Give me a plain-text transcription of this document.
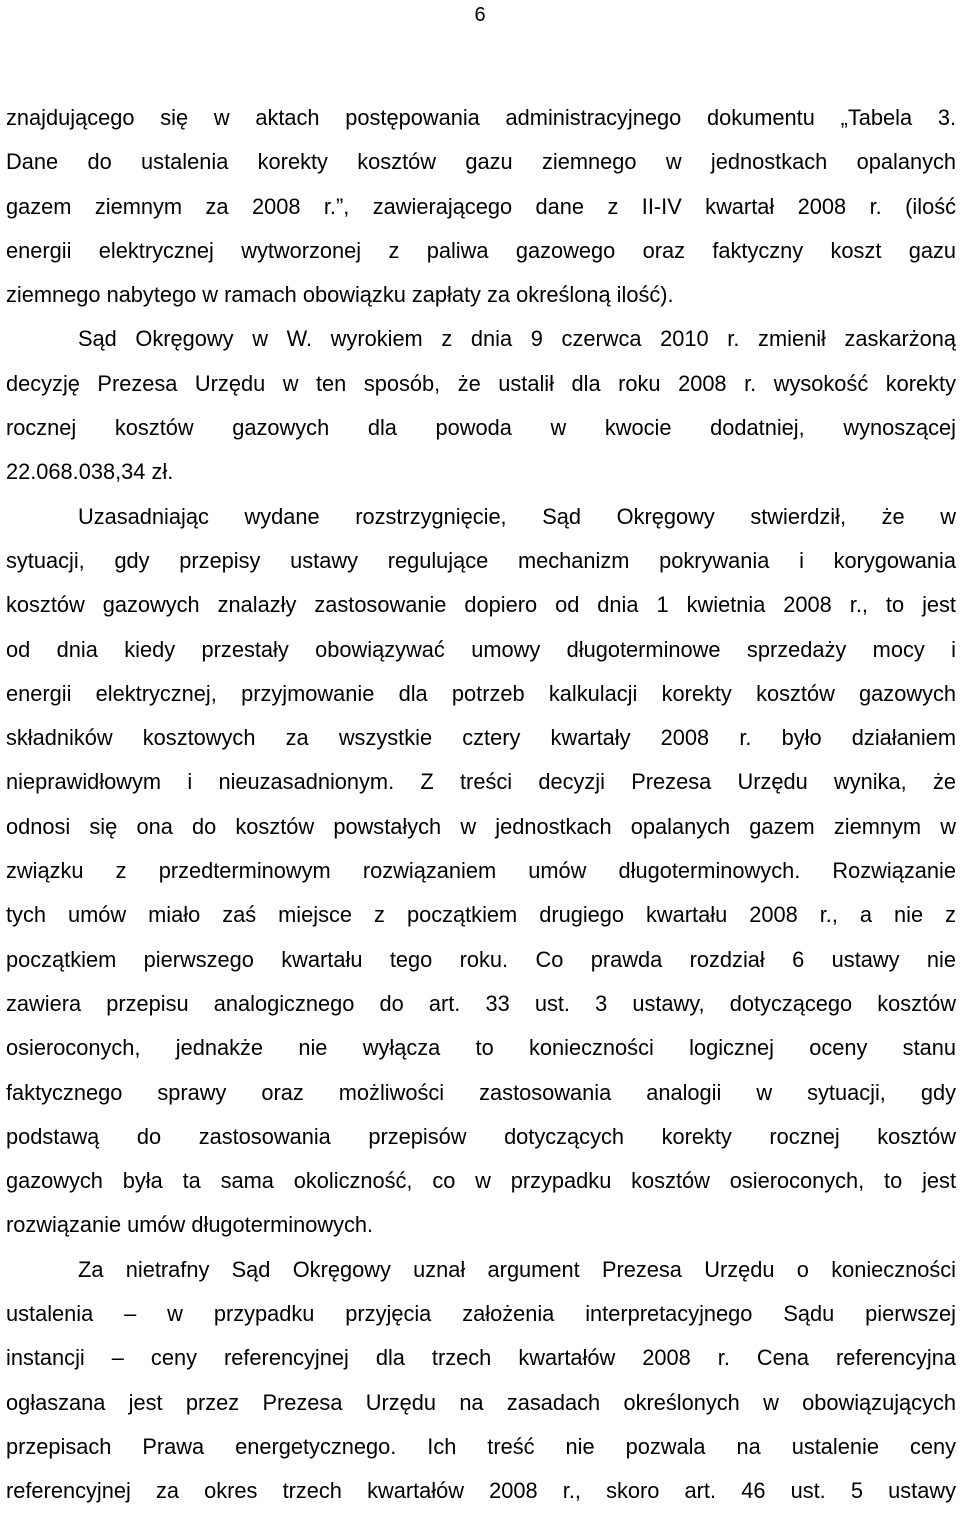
6
znajdującego się w aktach postępowania administracyjnego dokumentu „Tabela 3.
Dane do ustalenia korekty kosztów gazu ziemnego w jednostkach opalanych
gazem ziemnym za 2008 r.”, zawierającego dane z II-IV kwartał 2008 r. (ilość
energii elektrycznej wytworzonej z paliwa gazowego oraz faktyczny koszt gazu
ziemnego nabytego w ramach obowiązku zapłaty za określoną ilość).
Sąd Okręgowy w W. wyrokiem z dnia 9 czerwca 2010 r. zmienił zaskarżoną
decyzję Prezesa Urzędu w ten sposób, że ustalił dla roku 2008 r. wysokość korekty
rocznej kosztów gazowych dla powoda w kwocie dodatniej, wynoszącej
22.068.038,34 zł.
Uzasadniając wydane rozstrzygnięcie, Sąd Okręgowy stwierdził, że w
sytuacji, gdy przepisy ustawy regulujące mechanizm pokrywania i korygowania
kosztów gazowych znalazły zastosowanie dopiero od dnia 1 kwietnia 2008 r., to jest
od dnia kiedy przestały obowiązywać umowy długoterminowe sprzedaży mocy i
energii elektrycznej, przyjmowanie dla potrzeb kalkulacji korekty kosztów gazowych
składników kosztowych za wszystkie cztery kwartały 2008 r. było działaniem
nieprawidłowym i nieuzasadnionym. Z treści decyzji Prezesa Urzędu wynika, że
odnosi się ona do kosztów powstałych w jednostkach opalanych gazem ziemnym w
związku z przedterminowym rozwiązaniem umów długoterminowych. Rozwiązanie
tych umów miało zaś miejsce z początkiem drugiego kwartału 2008 r., a nie z
początkiem pierwszego kwartału tego roku. Co prawda rozdział 6 ustawy nie
zawiera przepisu analogicznego do art. 33 ust. 3 ustawy, dotyczącego kosztów
osieroconych, jednakże nie wyłącza to konieczności logicznej oceny stanu
faktycznego sprawy oraz możliwości zastosowania analogii w sytuacji, gdy
podstawą do zastosowania przepisów dotyczących korekty rocznej kosztów
gazowych była ta sama okoliczność, co w przypadku kosztów osieroconych, to jest
rozwiązanie umów długoterminowych.
Za nietrafny Sąd Okręgowy uznał argument Prezesa Urzędu o konieczności
ustalenia – w przypadku przyjęcia założenia interpretacyjnego Sądu pierwszej
instancji – ceny referencyjnej dla trzech kwartałów 2008 r. Cena referencyjna
ogłaszana jest przez Prezesa Urzędu na zasadach określonych w obowiązujących
przepisach Prawa energetycznego. Ich treść nie pozwala na ustalenie ceny
referencyjnej za okres trzech kwartałów 2008 r., skoro art. 46 ust. 5 ustawy
